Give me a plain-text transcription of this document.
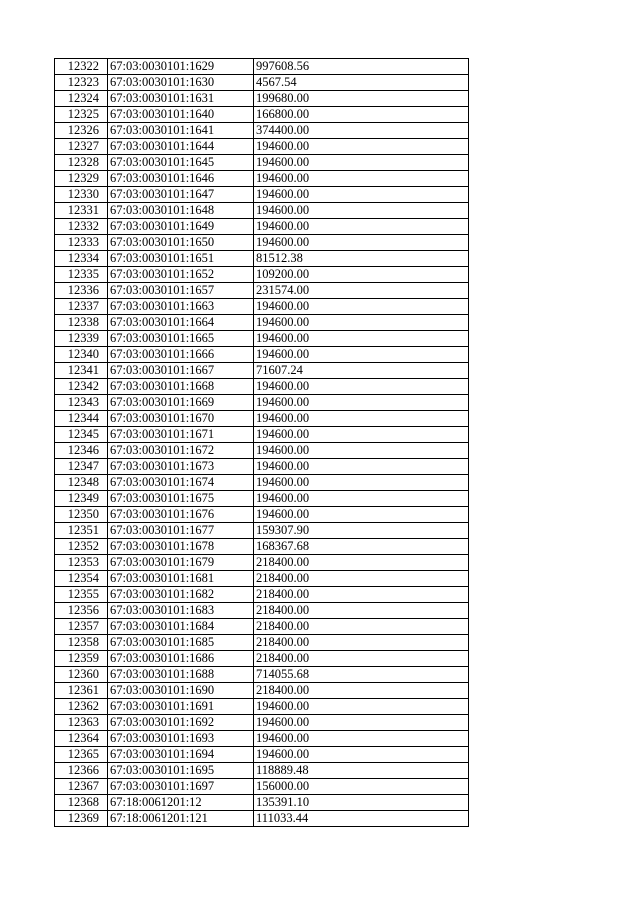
12322	67:03:0030101:1629	997608.56
12323	67:03:0030101:1630	4567.54
12324	67:03:0030101:1631	199680.00
12325	67:03:0030101:1640	166800.00
12326	67:03:0030101:1641	374400.00
12327	67:03:0030101:1644	194600.00
12328	67:03:0030101:1645	194600.00
12329	67:03:0030101:1646	194600.00
12330	67:03:0030101:1647	194600.00
12331	67:03:0030101:1648	194600.00
12332	67:03:0030101:1649	194600.00
12333	67:03:0030101:1650	194600.00
12334	67:03:0030101:1651	81512.38
12335	67:03:0030101:1652	109200.00
12336	67:03:0030101:1657	231574.00
12337	67:03:0030101:1663	194600.00
12338	67:03:0030101:1664	194600.00
12339	67:03:0030101:1665	194600.00
12340	67:03:0030101:1666	194600.00
12341	67:03:0030101:1667	71607.24
12342	67:03:0030101:1668	194600.00
12343	67:03:0030101:1669	194600.00
12344	67:03:0030101:1670	194600.00
12345	67:03:0030101:1671	194600.00
12346	67:03:0030101:1672	194600.00
12347	67:03:0030101:1673	194600.00
12348	67:03:0030101:1674	194600.00
12349	67:03:0030101:1675	194600.00
12350	67:03:0030101:1676	194600.00
12351	67:03:0030101:1677	159307.90
12352	67:03:0030101:1678	168367.68
12353	67:03:0030101:1679	218400.00
12354	67:03:0030101:1681	218400.00
12355	67:03:0030101:1682	218400.00
12356	67:03:0030101:1683	218400.00
12357	67:03:0030101:1684	218400.00
12358	67:03:0030101:1685	218400.00
12359	67:03:0030101:1686	218400.00
12360	67:03:0030101:1688	714055.68
12361	67:03:0030101:1690	218400.00
12362	67:03:0030101:1691	194600.00
12363	67:03:0030101:1692	194600.00
12364	67:03:0030101:1693	194600.00
12365	67:03:0030101:1694	194600.00
12366	67:03:0030101:1695	118889.48
12367	67:03:0030101:1697	156000.00
12368	67:18:0061201:12	135391.10
12369	67:18:0061201:121	111033.44
